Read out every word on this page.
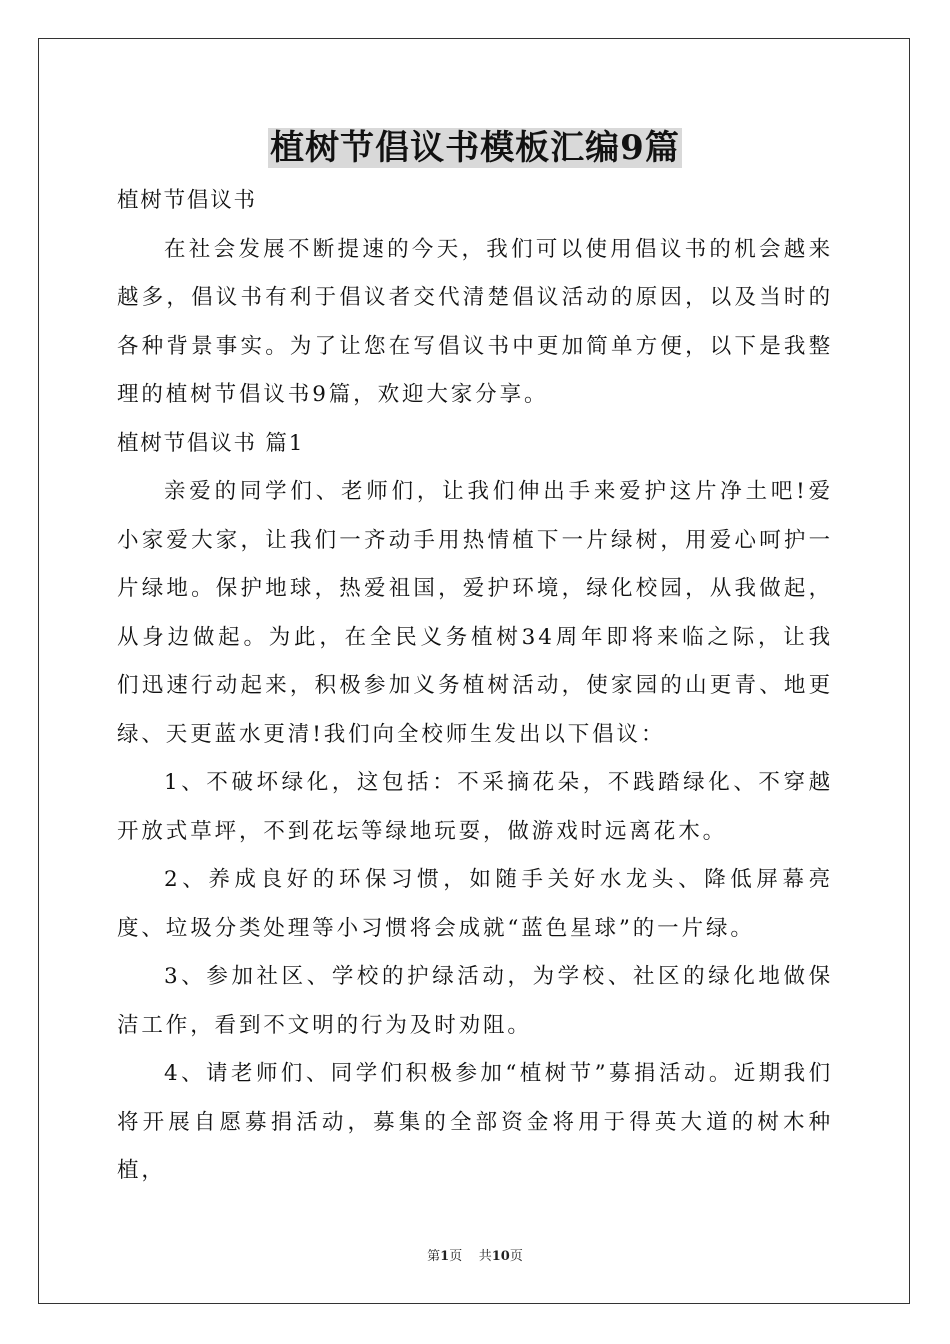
植树节倡议书模板汇编9篇

植树节倡议书

在社会发展不断提速的今天，我们可以使用倡议书的机会越来越多，倡议书有利于倡议者交代清楚倡议活动的原因，以及当时的各种背景事实。为了让您在写倡议书中更加简单方便，以下是我整理的植树节倡议书9篇，欢迎大家分享。

植树节倡议书 篇1

亲爱的同学们、老师们，让我们伸出手来爱护这片净土吧!爱小家爱大家，让我们一齐动手用热情植下一片绿树，用爱心呵护一片绿地。保护地球，热爱祖国，爱护环境，绿化校园，从我做起，从身边做起。为此，在全民义务植树34周年即将来临之际，让我们迅速行动起来，积极参加义务植树活动，使家园的山更青、地更绿、天更蓝水更清!我们向全校师生发出以下倡议：

1、不破坏绿化，这包括：不采摘花朵，不践踏绿化、不穿越开放式草坪，不到花坛等绿地玩耍，做游戏时远离花木。

2、养成良好的环保习惯，如随手关好水龙头、降低屏幕亮度、垃圾分类处理等小习惯将会成就“蓝色星球”的一片绿。

3、参加社区、学校的护绿活动，为学校、社区的绿化地做保洁工作，看到不文明的行为及时劝阻。

4、请老师们、同学们积极参加“植树节”募捐活动。近期我们将开展自愿募捐活动，募集的全部资金将用于得英大道的树木种植，

第1页 共10页
